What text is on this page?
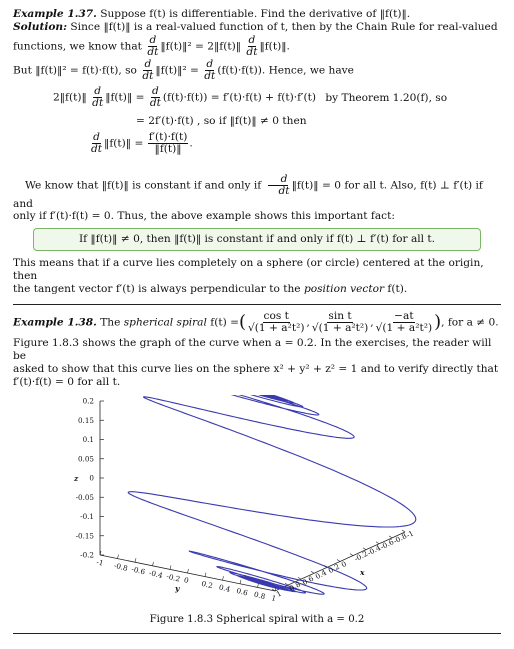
Example 1.37. Suppose f(t) is differentiable. Find the derivative of ‖f(t)‖.

Solution: Since ‖f(t)‖ is a real-valued function of t, then by the Chain Rule for real-valued

functions, we know that $\frac{d}{dt}$ ‖f(t)‖² = 2‖f(t)‖ $\frac{d}{dt}$ ‖f(t)‖.

But ‖f(t)‖² = f(t)·f(t), so $\frac{d}{dt}$ ‖f(t)‖² = $\frac{d}{dt} (f(t)\cdot f(t))$. Hence, we have

2‖f(t)‖ $\frac{d}{dt}$ ‖f(t)‖ = $\frac{d}{dt} (f(t)\cdot f(t)) = f'(t)\cdot f(t) + f(t)\cdot f'(t)$ by Theorem 1.20(f), so
= 2f′(t)·f(t) , so if ‖f(t)‖ ≠ 0 then
$\frac{d}{dt}$ ‖f(t)‖ = $\frac{f'(t)\cdot f(t)}{‖f(t)‖}$ .

We know that ‖f(t)‖ is constant if and only if $\frac{d}{dt}$ ‖f(t)‖ = 0 for all t. Also, f(t) ⊥ f′(t) if and

only if f′(t)·f(t) = 0. Thus, the above example shows this important fact:

If ‖f(t)‖ ≠ 0, then ‖f(t)‖ is constant if and only if f(t) ⊥ f′(t) for all t.

This means that if a curve lies completely on a sphere (or circle) centered at the origin, then
the tangent vector f′(t) is always perpendicular to the position vector f(t).

Example 1.38. The spherical spiral f(t) =( $\frac{\text{cos t}}{\text{√(1 + a²t²)}}$ , $\frac{\text{sin t}}{\text{√(1 + a²t²)}}$ , $\frac{-at}{\text{√(1 + a²t²)}}$ ), for a ≠ 0.

Figure 1.8.3 shows the graph of the curve when a = 0.2. In the exercises, the reader will be
asked to show that this curve lies on the sphere x² + y² + z² = 1 and to verify directly that
f′(t)·f(t) = 0 for all t.

0.2
0.15
0.1
0.05
0
-0.05
-0.1
-0.15
-0.2
z
-1 -0.8 -0.6 -0.4 -0.2 0 0.2 0.4 0.6 0.8 1
y
1
0.8
0.6
0.4
0.2
0
-0.2
-0.4
-0.6
-0.8
-1
x
Figure 1.8.3 Spherical spiral with a = 0.2
